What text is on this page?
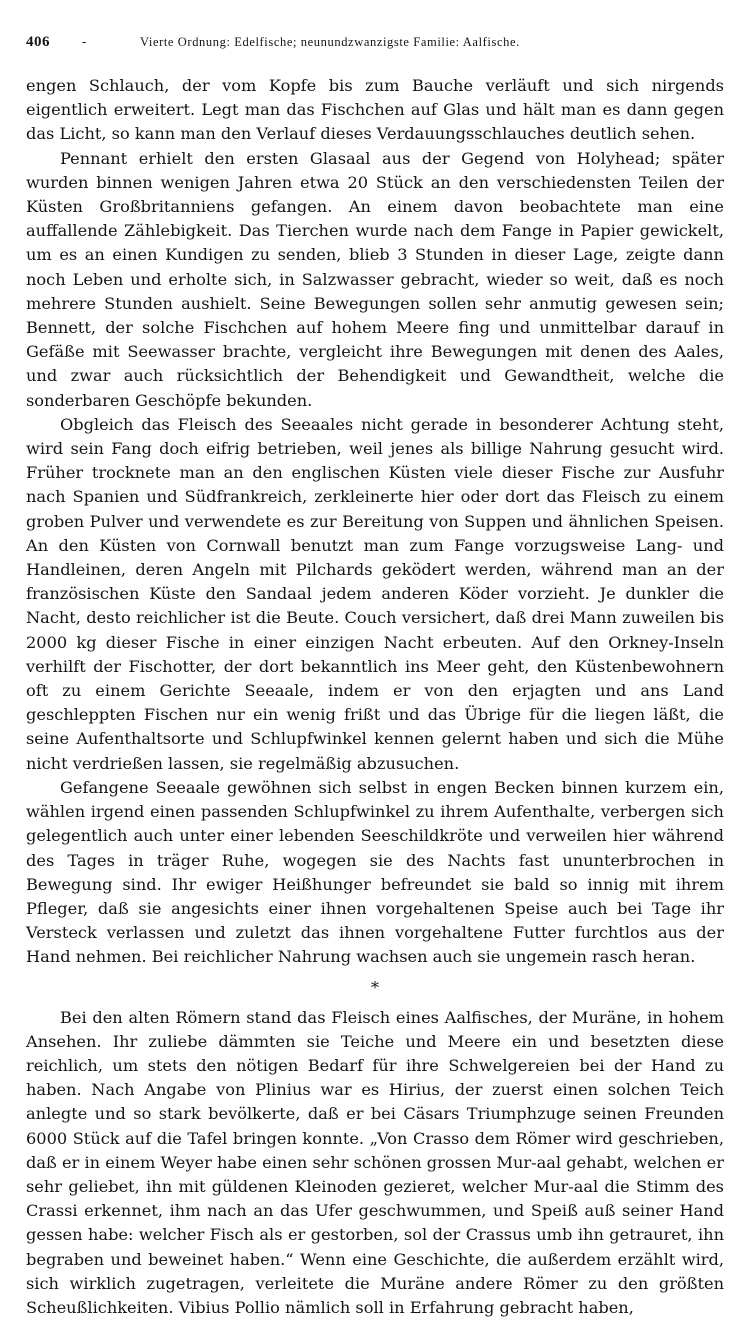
406	-	Vierte Ordnung: Edelfische; neunundzwanzigste Familie: Aalfische.

engen Schlauch, der vom Kopfe bis zum Bauche verläuft und sich nirgends eigentlich erweitert. Legt man das Fischchen auf Glas und hält man es dann gegen das Licht, so kann man den Verlauf dieses Verdauungsschlauches deutlich sehen.

Pennant erhielt den ersten Glasaal aus der Gegend von Holyhead; später wurden binnen wenigen Jahren etwa 20 Stück an den verschiedensten Teilen der Küsten Großbritanniens gefangen. An einem davon beobachtete man eine auffallende Zählebigkeit. Das Tierchen wurde nach dem Fange in Papier gewickelt, um es an einen Kundigen zu senden, blieb 3 Stunden in dieser Lage, zeigte dann noch Leben und erholte sich, in Salzwasser gebracht, wieder so weit, daß es noch mehrere Stunden aushielt. Seine Bewegungen sollen sehr anmutig gewesen sein; Bennett, der solche Fischchen auf hohem Meere fing und unmittelbar darauf in Gefäße mit Seewasser brachte, vergleicht ihre Bewegungen mit denen des Aales, und zwar auch rücksichtlich der Behendigkeit und Gewandtheit, welche die sonderbaren Geschöpfe bekunden.

Obgleich das Fleisch des Seeaales nicht gerade in besonderer Achtung steht, wird sein Fang doch eifrig betrieben, weil jenes als billige Nahrung gesucht wird. Früher trocknete man an den englischen Küsten viele dieser Fische zur Ausfuhr nach Spanien und Südfrankreich, zerkleinerte hier oder dort das Fleisch zu einem groben Pulver und verwendete es zur Bereitung von Suppen und ähnlichen Speisen. An den Küsten von Cornwall benutzt man zum Fange vorzugsweise Lang- und Handleinen, deren Angeln mit Pilchards geködert werden, während man an der französischen Küste den Sandaal jedem anderen Köder vorzieht. Je dunkler die Nacht, desto reichlicher ist die Beute. Couch versichert, daß drei Mann zuweilen bis 2000 kg dieser Fische in einer einzigen Nacht erbeuten. Auf den Orkney-Inseln verhilft der Fischotter, der dort bekanntlich ins Meer geht, den Küstenbewohnern oft zu einem Gerichte Seeaale, indem er von den erjagten und ans Land geschleppten Fischen nur ein wenig frißt und das Übrige für die liegen läßt, die seine Aufenthaltsorte und Schlupfwinkel kennen gelernt haben und sich die Mühe nicht verdrießen lassen, sie regelmäßig abzusuchen.

Gefangene Seeaale gewöhnen sich selbst in engen Becken binnen kurzem ein, wählen irgend einen passenden Schlupfwinkel zu ihrem Aufenthalte, verbergen sich gelegentlich auch unter einer lebenden Seeschildkröte und verweilen hier während des Tages in träger Ruhe, wogegen sie des Nachts fast ununterbrochen in Bewegung sind. Ihr ewiger Heißhunger befreundet sie bald so innig mit ihrem Pfleger, daß sie angesichts einer ihnen vorgehaltenen Speise auch bei Tage ihr Versteck verlassen und zuletzt das ihnen vorgehaltene Futter furchtlos aus der Hand nehmen. Bei reichlicher Nahrung wachsen auch sie ungemein rasch heran.

*

Bei den alten Römern stand das Fleisch eines Aalfisches, der Muräne, in hohem Ansehen. Ihr zuliebe dämmten sie Teiche und Meere ein und besetzten diese reichlich, um stets den nötigen Bedarf für ihre Schwelgereien bei der Hand zu haben. Nach Angabe von Plinius war es Hirius, der zuerst einen solchen Teich anlegte und so stark bevölkerte, daß er bei Cäsars Triumphzuge seinen Freunden 6000 Stück auf die Tafel bringen konnte. „Von Crasso dem Römer wird geschrieben, daß er in einem Weyer habe einen sehr schönen grossen Mur-aal gehabt, welchen er sehr geliebet, ihn mit güldenen Kleinoden gezieret, welcher Mur-aal die Stimm des Crassi erkennet, ihm nach an das Ufer geschwummen, und Speiß auß seiner Hand gessen habe: welcher Fisch als er gestorben, sol der Crassus umb ihn getrauret, ihn begraben und beweinet haben.“ Wenn eine Geschichte, die außerdem erzählt wird, sich wirklich zugetragen, verleitete die Muräne andere Römer zu den größten Scheußlichkeiten. Vibius Pollio nämlich soll in Erfahrung gebracht haben,
